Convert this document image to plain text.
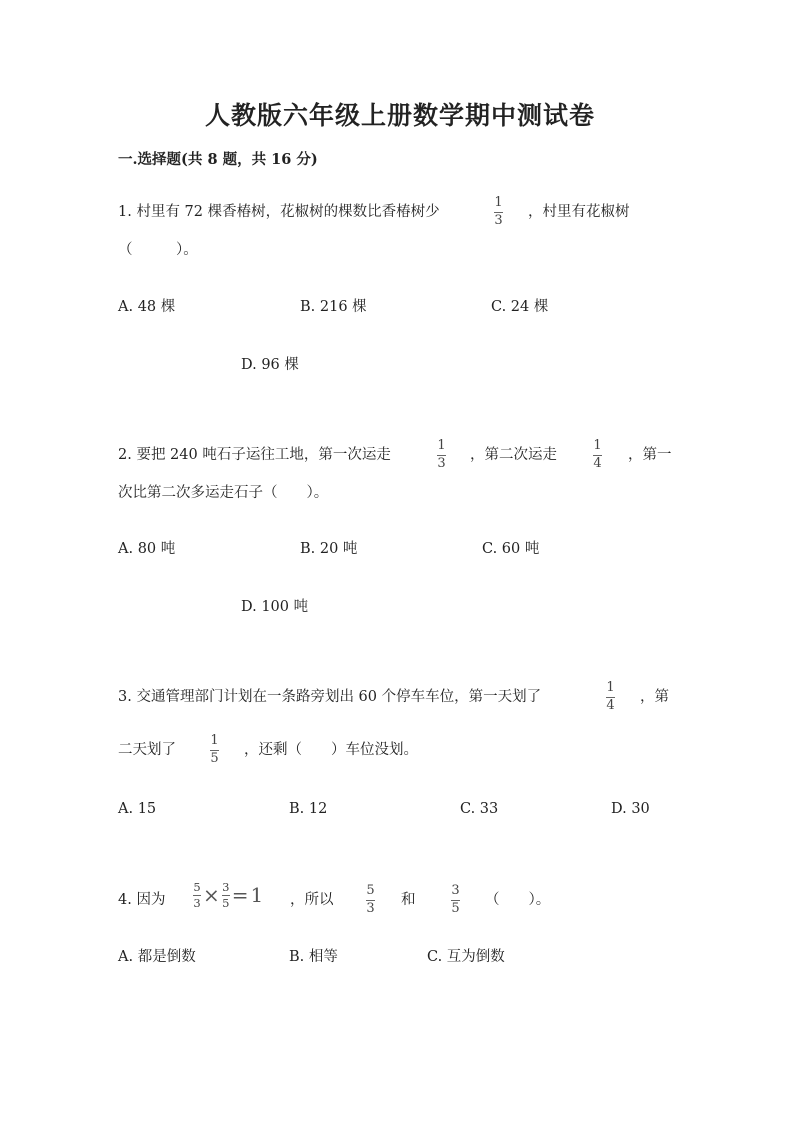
人教版六年级上册数学期中测试卷
一.选择题(共 8 题，共 16 分)
1. 村里有 72 棵香椿树，花椒树的棵数比香椿树少
1
3
，村里有花椒树
（　　　）。
A. 48 棵	B. 216 棵	C. 24 棵
D. 96 棵
2. 要把 240 吨石子运往工地，第一次运走
1
3
，第二次运走
1
4
，第一
次比第二次多运走石子（　　）。
A. 80 吨	B. 20 吨	C. 60 吨
D. 100 吨
3. 交通管理部门计划在一条路旁划出 60 个停车车位，第一天划了
1
4
，第
二天划了
1
5
，还剩（　　）车位没划。
A. 15	B. 12	C. 33	D. 30
4. 因为 $\frac{5}{3} \times \frac{3}{5} = 1$ ，所以
5
3
和
3
5
（　　）。
A. 都是倒数	B. 相等	C. 互为倒数
